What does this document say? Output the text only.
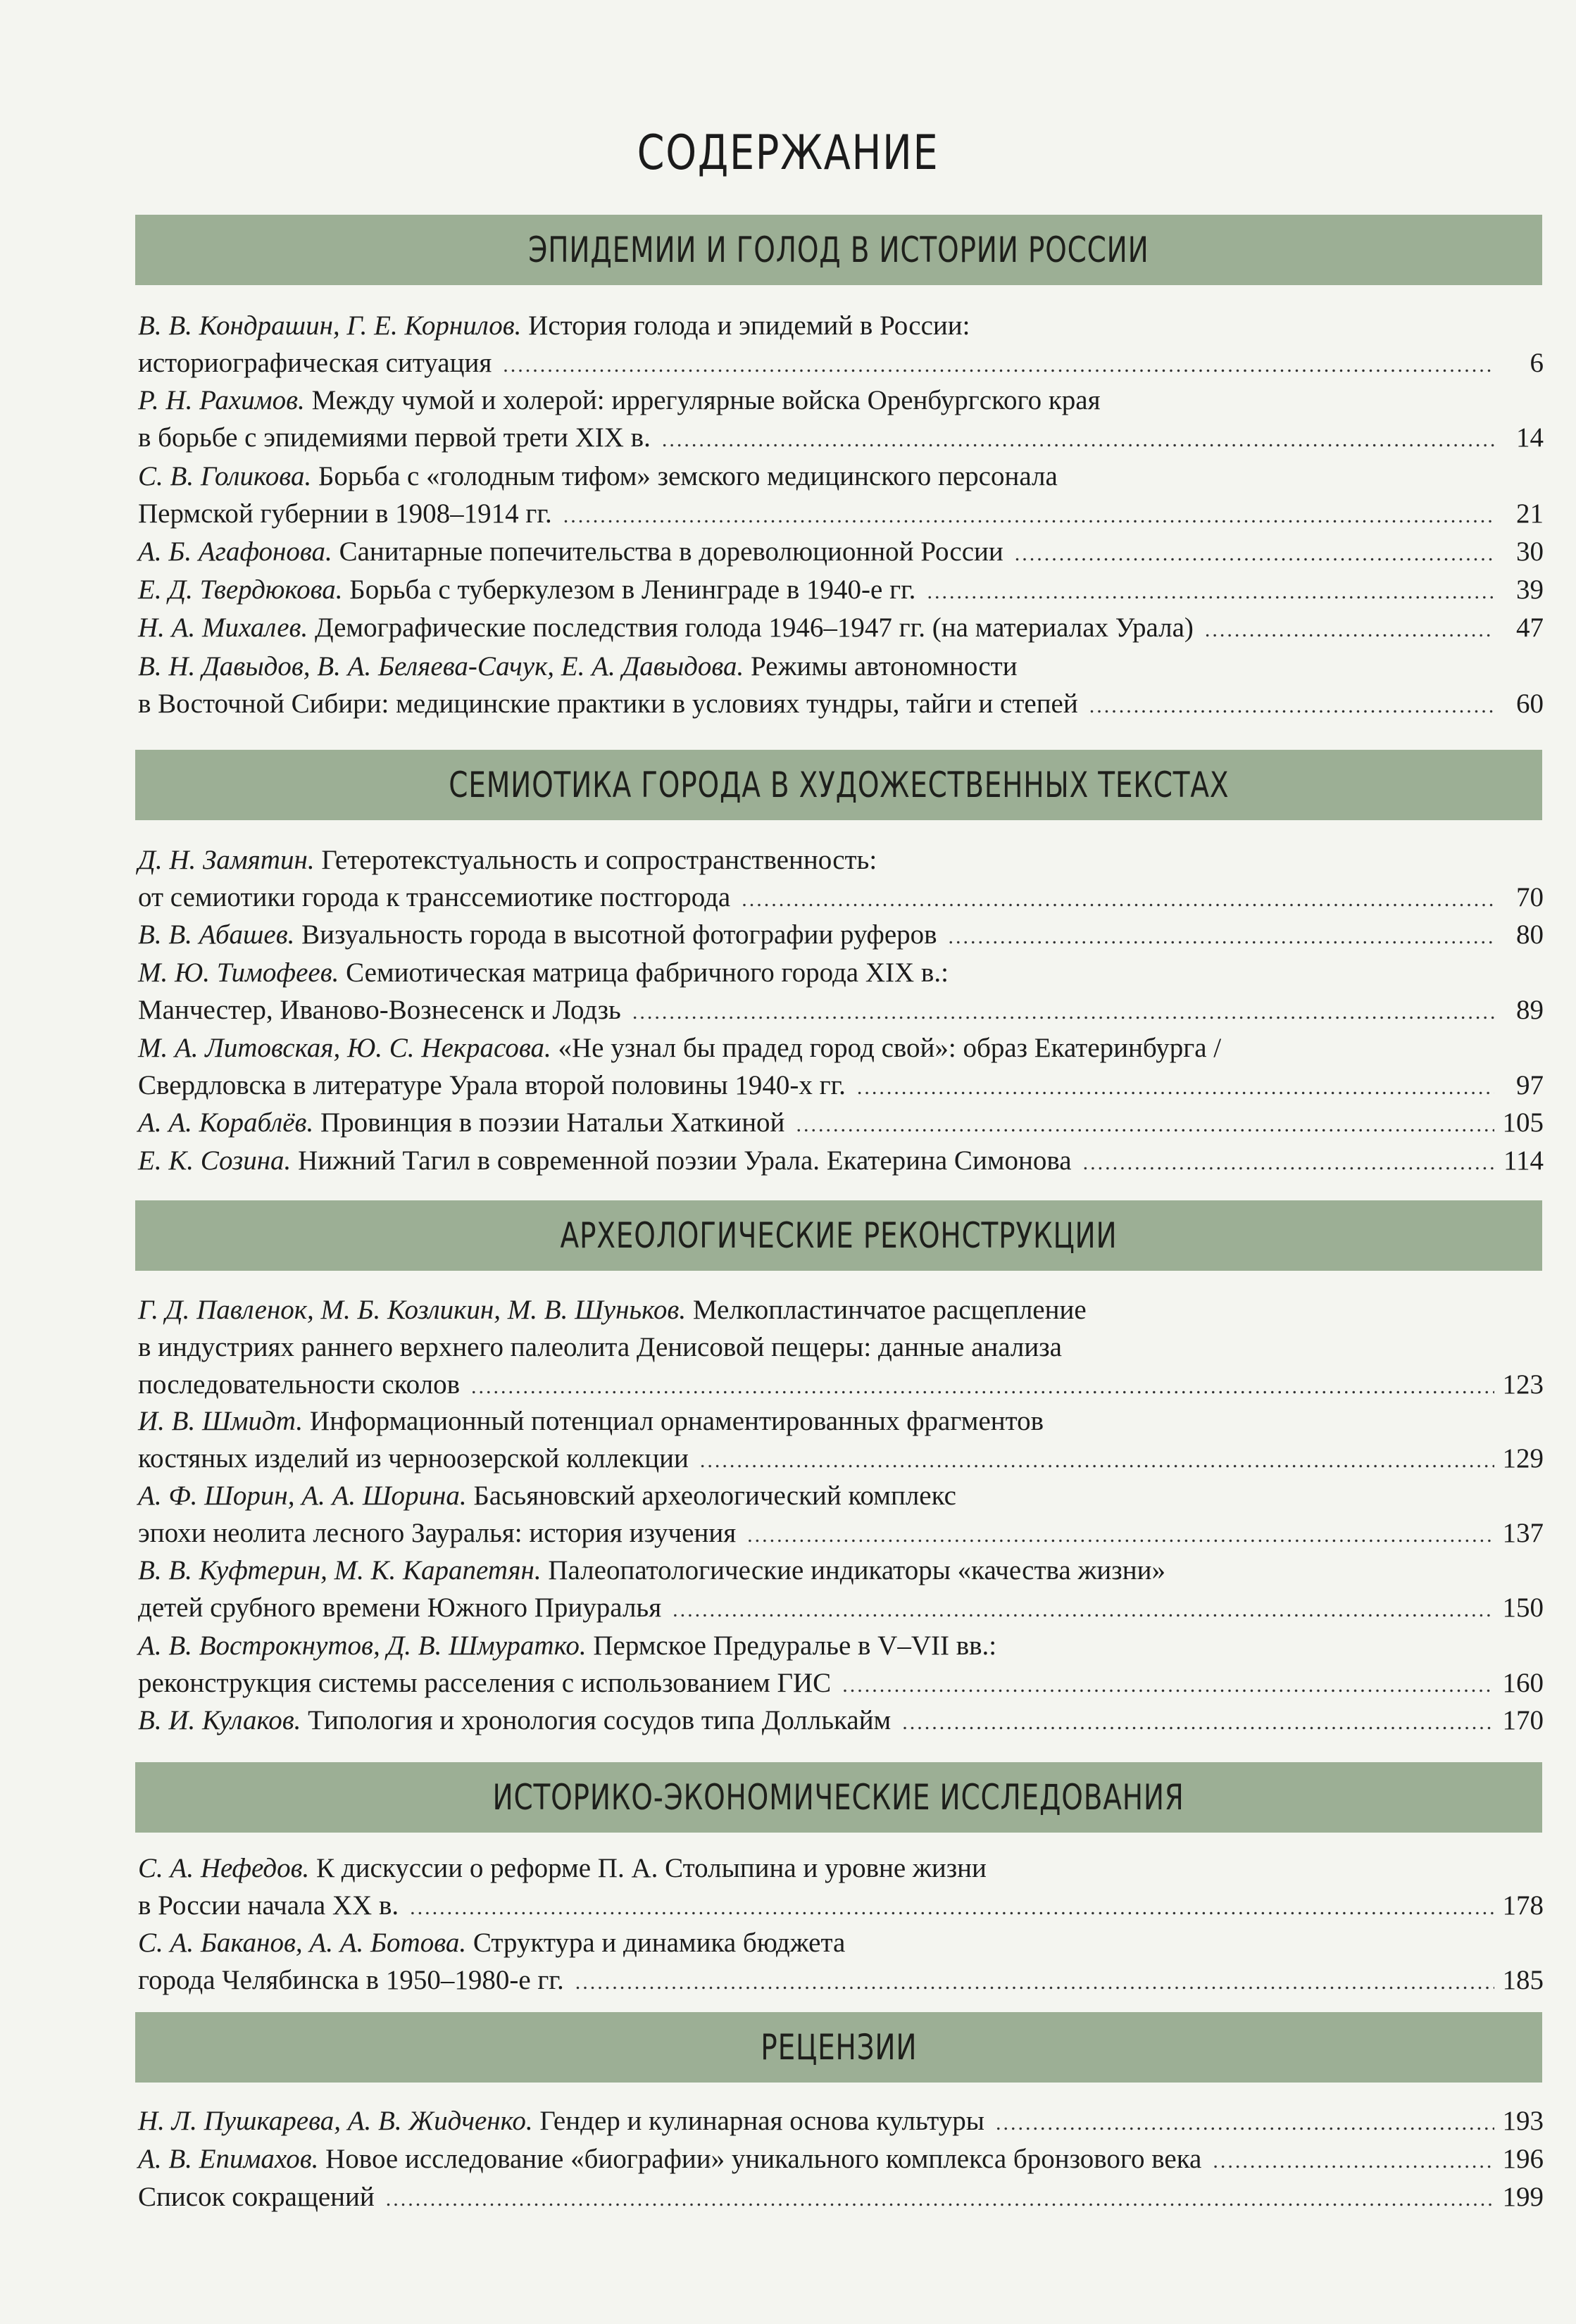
СОДЕРЖАНИЕ
ЭПИДЕМИИ И ГОЛОД В ИСТОРИИ РОССИИ
В. В. Кондрашин, Г. Е. Корнилов. История голода и эпидемий в России:
историографическая ситуация .....	6
Р. Н. Рахимов. Между чумой и холерой: иррегулярные войска Оренбургского края
в борьбе с эпидемиями первой трети XIX в. .....	14
С. В. Голикова. Борьба с «голодным тифом» земского медицинского персонала
Пермской губернии в 1908–1914 гг. .....	21
А. Б. Агафонова. Санитарные попечительства в дореволюционной России .....	30
Е. Д. Твердюкова. Борьба с туберкулезом в Ленинграде в 1940-е гг. .....	39
Н. А. Михалев. Демографические последствия голода 1946–1947 гг. (на материалах Урала) .....	47
В. Н. Давыдов, В. А. Беляева-Сачук, Е. А. Давыдова. Режимы автономности
в Восточной Сибири: медицинские практики в условиях тундры, тайги и степей .....	60
СЕМИОТИКА ГОРОДА В ХУДОЖЕСТВЕННЫХ ТЕКСТАХ
Д. Н. Замятин. Гетеротекстуальность и сопространственность:
от семиотики города к транссемиотике постгорода .....	70
В. В. Абашев. Визуальность города в высотной фотографии руферов .....	80
М. Ю. Тимофеев. Семиотическая матрица фабричного города XIX в.:
Манчестер, Иваново-Вознесенск и Лодзь .....	89
М. А. Литовская, Ю. С. Некрасова. «Не узнал бы прадед город свой»: образ Екатеринбурга /
Свердловска в литературе Урала второй половины 1940-х гг. .....	97
А. А. Кораблёв. Провинция в поэзии Натальи Хаткиной .....	105
Е. К. Созина. Нижний Тагил в современной поэзии Урала. Екатерина Симонова .....	114
АРХЕОЛОГИЧЕСКИЕ РЕКОНСТРУКЦИИ
Г. Д. Павленок, М. Б. Козликин, М. В. Шуньков. Мелкопластинчатое расщепление
в индустриях раннего верхнего палеолита Денисовой пещеры: данные анализа
последовательности сколов .....	123
И. В. Шмидт. Информационный потенциал орнаментированных фрагментов
костяных изделий из черноозерской коллекции .....	129
А. Ф. Шорин, А. А. Шорина. Басьяновский археологический комплекс
эпохи неолита лесного Зауралья: история изучения .....	137
В. В. Куфтерин, М. К. Карапетян. Палеопатологические индикаторы «качества жизни»
детей срубного времени Южного Приуралья .....	150
А. В. Вострокнутов, Д. В. Шмуратко. Пермское Предуралье в V–VII вв.:
реконструкция системы расселения с использованием ГИС .....	160
В. И. Кулаков. Типология и хронология сосудов типа Доллькайм .....	170
ИСТОРИКО-ЭКОНОМИЧЕСКИЕ ИССЛЕДОВАНИЯ
С. А. Нефедов. К дискуссии о реформе П. А. Столыпина и уровне жизни
в России начала XX в. .....	178
С. А. Баканов, А. А. Ботова. Структура и динамика бюджета
города Челябинска в 1950–1980-е гг. .....	185
РЕЦЕНЗИИ
Н. Л. Пушкарева, А. В. Жидченко. Гендер и кулинарная основа культуры .....	193
А. В. Епимахов. Новое исследование «биографии» уникального комплекса бронзового века .....	196
Список сокращений .....	199
